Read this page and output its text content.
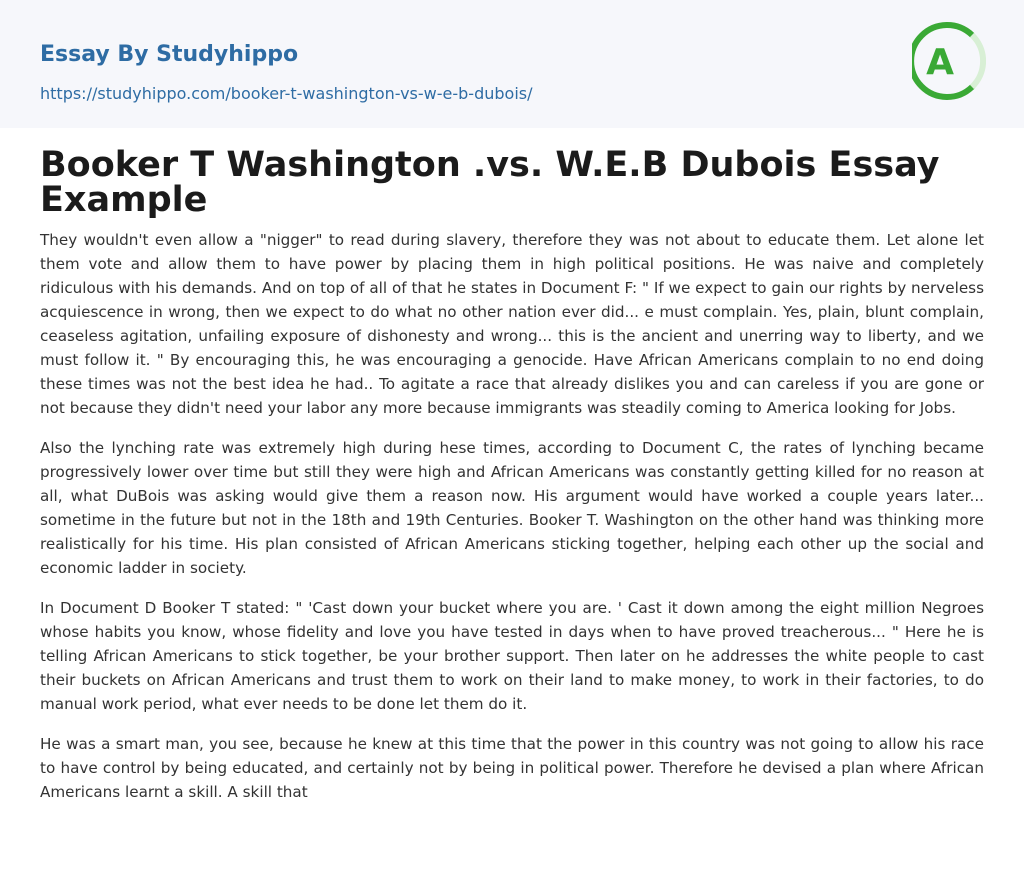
Essay By Studyhippo
https://studyhippo.com/booker-t-washington-vs-w-e-b-dubois/
A
Booker T Washington .vs. W.E.B Dubois Essay Example

They wouldn't even allow a "nigger" to read during slavery, therefore they was not about to educate them. Let alone let them vote and allow them to have power by placing them in high political positions. He was naive and completely ridiculous with his demands. And on top of all of that he states in Document F: " If we expect to gain our rights by nerveless acquiescence in wrong, then we expect to do what no other nation ever did... e must complain. Yes, plain, blunt complain, ceaseless agitation, unfailing exposure of dishonesty and wrong... this is the ancient and unerring way to liberty, and we must follow it. " By encouraging this, he was encouraging a genocide. Have African Americans complain to no end doing these times was not the best idea he had.. To agitate a race that already dislikes you and can careless if you are gone or not because they didn't need your labor any more because immigrants was steadily coming to America looking for Jobs.

Also the lynching rate was extremely high during hese times, according to Document C, the rates of lynching became progressively lower over time but still they were high and African Americans was constantly getting killed for no reason at all, what DuBois was asking would give them a reason now. His argument would have worked a couple years later... sometime in the future but not in the 18th and 19th Centuries. Booker T. Washington on the other hand was thinking more realistically for his time. His plan consisted of African Americans sticking together, helping each other up the social and economic ladder in society.

In Document D Booker T stated: " 'Cast down your bucket where you are. ' Cast it down among the eight million Negroes whose habits you know, whose fidelity and love you have tested in days when to have proved treacherous... " Here he is telling African Americans to stick together, be your brother support. Then later on he addresses the white people to cast their buckets on African Americans and trust them to work on their land to make money, to work in their factories, to do manual work period, what ever needs to be done let them do it.

He was a smart man, you see, because he knew at this time that the power in this country was not going to allow his race to have control by being educated, and certainly not by being in political power. Therefore he devised a plan where African Americans learnt a skill. A skill that
